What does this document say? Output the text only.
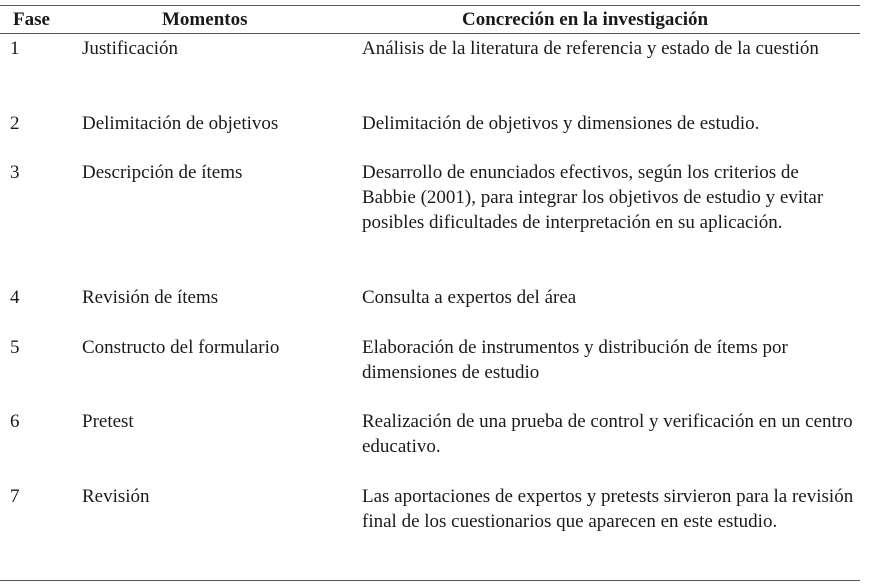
Fase	Momentos	Concreción en la investigación
1	Justificación	Análisis de la literatura de referencia y estado de la cuestión
2	Delimitación de objetivos	Delimitación de objetivos y dimensiones de estudio.
3	Descripción de ítems	Desarrollo de enunciados efectivos, según los criterios de Babbie (2001), para integrar los objetivos de estudio y evitar posibles dificultades de interpretación en su aplicación.
4	Revisión de ítems	Consulta a expertos del área
5	Constructo del formulario	Elaboración de instrumentos y distribución de ítems por dimensiones de estudio
6	Pretest	Realización de una prueba de control y verificación en un centro educativo.
7	Revisión	Las aportaciones de expertos y pretests sirvieron para la revisión final de los cuestionarios que aparecen en este estudio.
